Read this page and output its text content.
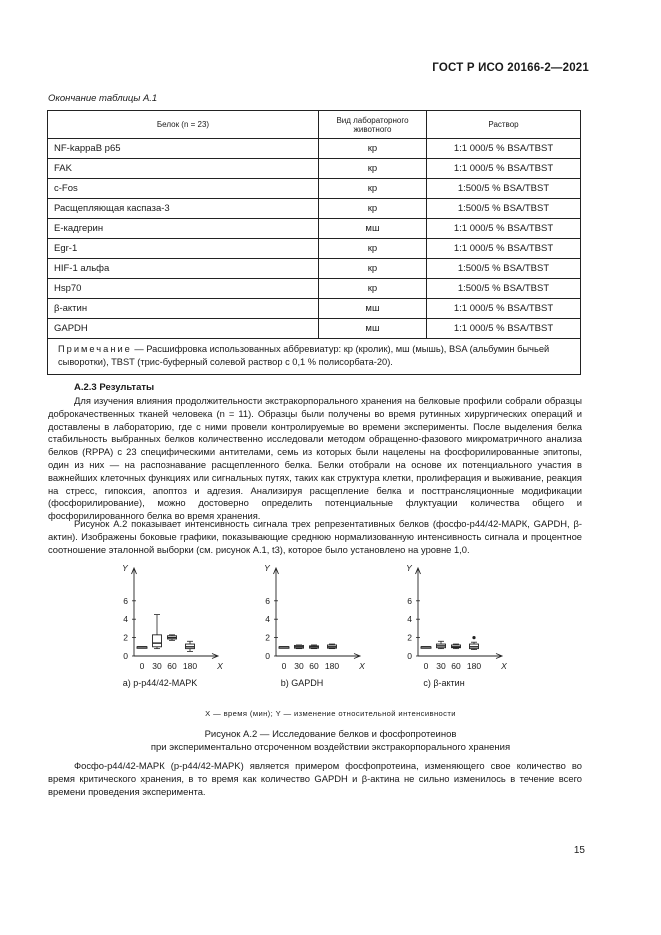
ГОСТ Р ИСО 20166-2—2021
Окончание таблицы А.1
Белок (n = 23)	Вид лабораторного животного	Раствор
NF-kappaB p65	кр	1:1 000/5 % BSA/TBST
FAK	кр	1:1 000/5 % BSA/TBST
c-Fos	кр	1:500/5 % BSA/TBST
Расщепляющая каспаза-3	кр	1:500/5 % BSA/TBST
E-кадгерин	мш	1:1 000/5 % BSA/TBST
Egr-1	кр	1:1 000/5 % BSA/TBST
HIF-1 альфа	кр	1:500/5 % BSA/TBST
Hsp70	кр	1:500/5 % BSA/TBST
β-актин	мш	1:1 000/5 % BSA/TBST
GAPDH	мш	1:1 000/5 % BSA/TBST
Примечание — Расшифровка использованных аббревиатур: кр (кролик), мш (мышь), BSA (альбумин бычьей сыворотки), TBST (трис-буферный солевой раствор с 0,1 % полисорбата-20).		
А.2.3 Результаты

Для изучения влияния продолжительности экстракорпорального хранения на белковые профили собрали образцы доброкачественных тканей человека (n = 11). Образцы были получены во время рутинных хирургических операций и доставлены в лабораторию, где с ними провели контролируемые во времени эксперименты. После выделения белка стабильность выбранных белков количественно исследовали методом обращенно-фазового микроматричного анализа белков (RPPA) с 23 специфическими антителами, семь из которых были нацелены на фосфорилированные эпитопы, один из них — на распознавание расщепленного белка. Белки отобрали на основе их потенциального участия в важнейших клеточных функциях или сигнальных путях, таких как структура клетки, пролиферация и выживание, реакция на стресс, гипоксия, апоптоз и адгезия. Анализируя расщепление белка и посттрансляционные модификации (фосфорилирование), можно достоверно определить потенциальные флуктуации количества общего и фосфорилированного белка во время хранения.

Рисунок А.2 показывает интенсивность сигнала трех репрезентативных белков (фосфо-р44/42-МАРК, GAPDH, β-актин). Изображены боковые графики, показывающие среднюю нормализованную интенсивность сигнала и процентное соотношение эталонной выборки (см. рисунок А.1, t3), которое было установлено на уровне 1,0.

Y
X
0
2
4
6
0 30 60 180
а) p-p44/42-MAPK
Y
X
0
2
4
6
0 30 60 180
b) GAPDH
Y
X
0
2
4
6
0 30 60 180
c) β-актин
X — время (мин); Y — изменение относительной интенсивности
Рисунок А.2 — Исследование белков и фосфопротеинов
при экспериментально отсроченном воздействии экстракорпорального хранения

Фосфо-р44/42-МАРК (p-p44/42-MAPK) является примером фосфопротеина, изменяющего свое количество во время критического хранения, в то время как количество GAPDH и β-актина не сильно изменилось в течение всего времени проведения эксперимента.

15
